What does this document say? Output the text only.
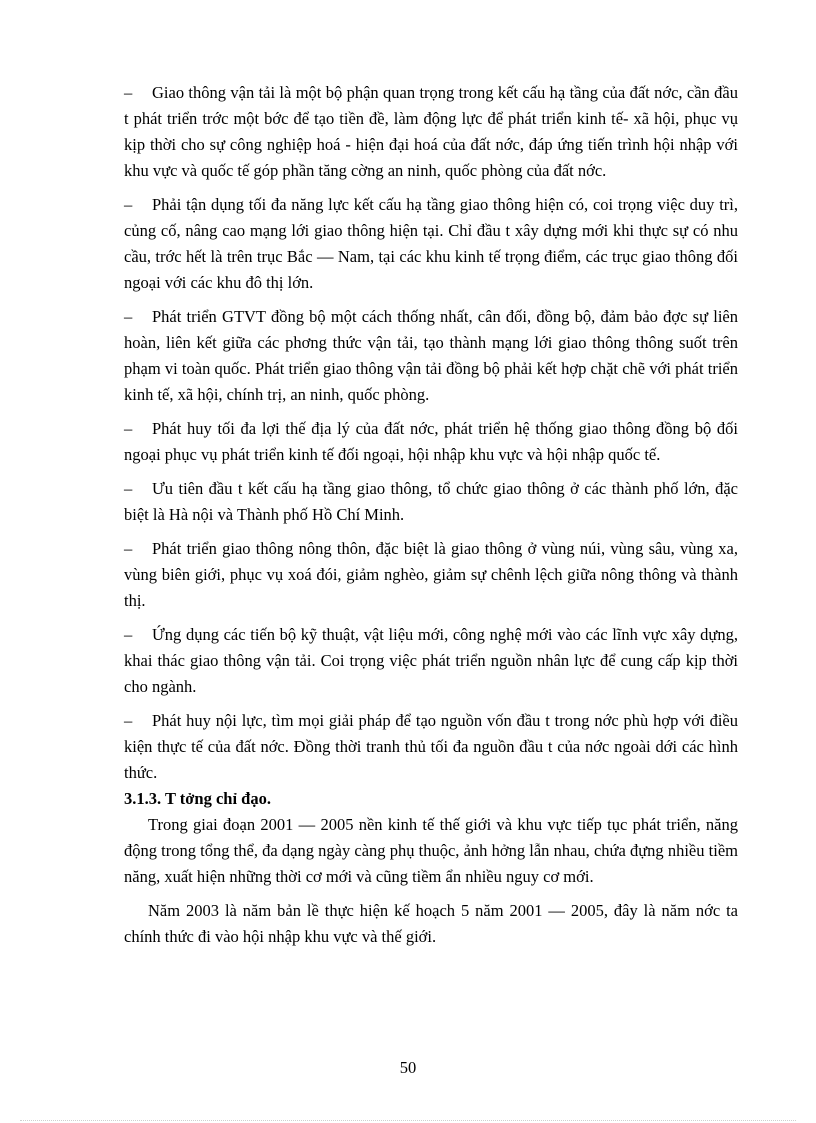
– Giao thông vận tải là một bộ phận quan trọng trong kết cấu hạ tầng của đất nớc, cần đầu t phát triển trớc một bớc để tạo tiền đề, làm động lực để phát triển kinh tế- xã hội, phục vụ kịp thời cho sự công nghiệp hoá - hiện đại hoá của đất nớc, đáp ứng tiến trình hội nhập với khu vực và quốc tế góp phần tăng cờng an ninh, quốc phòng của đất nớc.

– Phải tận dụng tối đa năng lực kết cấu hạ tầng giao thông hiện có, coi trọng việc duy trì, củng cố, nâng cao mạng lới giao thông hiện tại. Chỉ đầu t xây dựng mới khi thực sự có nhu cầu, trớc hết là trên trục Bắc — Nam, tại các khu kinh tế trọng điểm, các trục giao thông đối ngoại với các khu đô thị lớn.

– Phát triển GTVT đồng bộ một cách thống nhất, cân đối, đồng bộ, đảm bảo đợc sự liên hoàn, liên kết giữa các phơng thức vận tải, tạo thành mạng lới giao thông thông suốt trên phạm vi toàn quốc. Phát triển giao thông vận tải đồng bộ phải kết hợp chặt chẽ với phát triển kinh tế, xã hội, chính trị, an ninh, quốc phòng.

– Phát huy tối đa lợi thế địa lý của đất nớc, phát triển hệ thống giao thông đồng bộ đối ngoại phục vụ phát triển kinh tế đối ngoại, hội nhập khu vực và hội nhập quốc tế.

– Ưu tiên đầu t kết cấu hạ tầng giao thông, tổ chức giao thông ở các thành phố lớn, đặc biệt là Hà nội và Thành phố Hồ Chí Minh.

– Phát triển giao thông nông thôn, đặc biệt là giao thông ở vùng núi, vùng sâu, vùng xa, vùng biên giới, phục vụ xoá đói, giảm nghèo, giảm sự chênh lệch giữa nông thông và thành thị.

– Ứng dụng các tiến bộ kỹ thuật, vật liệu mới, công nghệ mới vào các lĩnh vực xây dựng, khai thác giao thông vận tải. Coi trọng việc phát triển nguồn nhân lực để cung cấp kịp thời cho ngành.

– Phát huy nội lực, tìm mọi giải pháp để tạo nguồn vốn đầu t trong nớc phù hợp với điều kiện thực tế của đất nớc. Đồng thời tranh thủ tối đa nguồn đầu t của nớc ngoài dới các hình thức.

3.1.3. T tởng chỉ đạo.

Trong giai đoạn 2001 — 2005 nền kinh tế thế giới và khu vực tiếp tục phát triển, năng động trong tổng thể, đa dạng ngày càng phụ thuộc, ảnh hởng lẫn nhau, chứa đựng nhiều tiềm năng, xuất hiện những thời cơ mới và cũng tiềm ẩn nhiều nguy cơ mới.

Năm 2003 là năm bản lề thực hiện kế hoạch 5 năm 2001 — 2005, đây là năm nớc ta chính thức đi vào hội nhập khu vực và thế giới.

50
